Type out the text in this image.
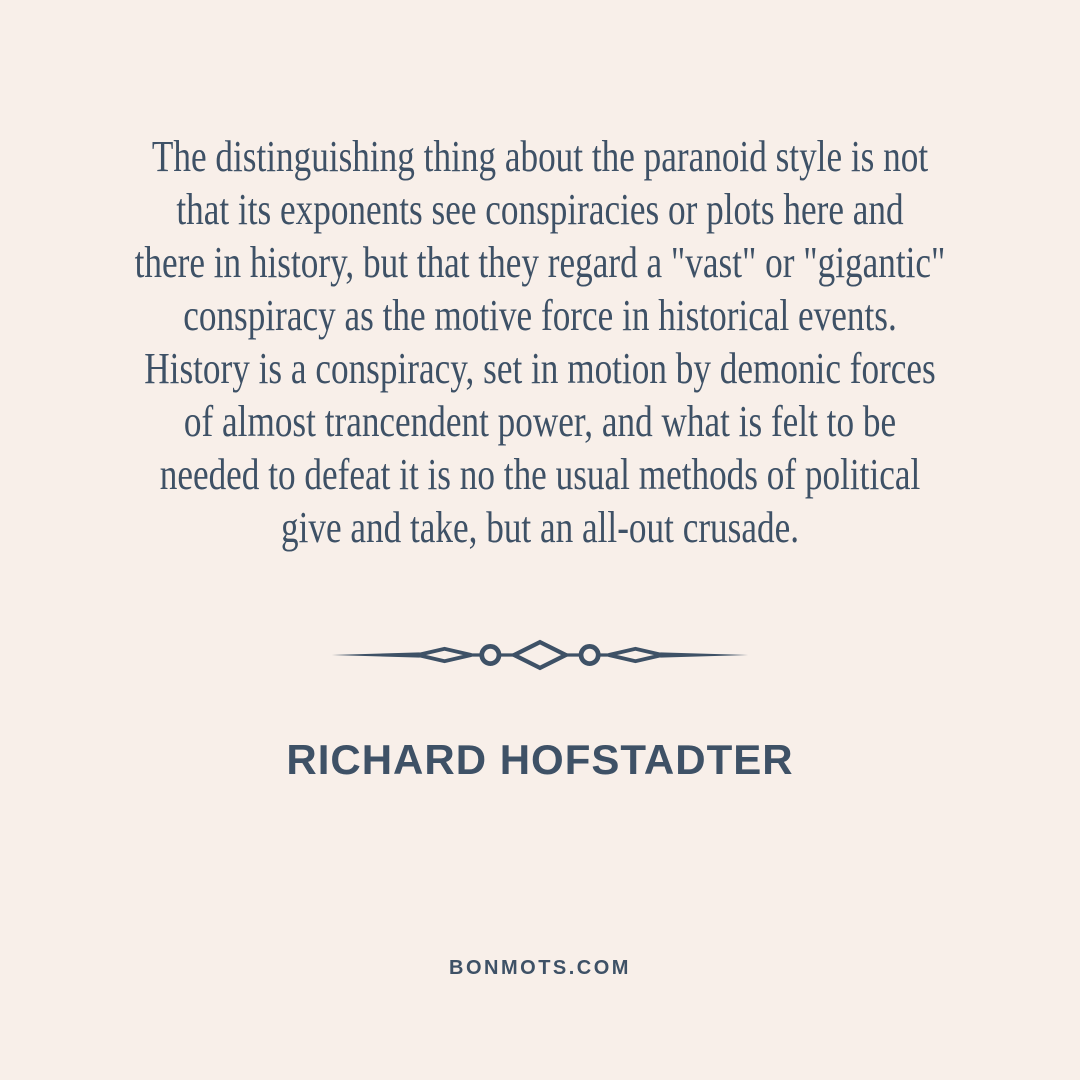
The distinguishing thing about the paranoid style is not
that its exponents see conspiracies or plots here and
there in history, but that they regard a "vast" or "gigantic"
conspiracy as the motive force in historical events.
History is a conspiracy, set in motion by demonic forces
of almost trancendent power, and what is felt to be
needed to defeat it is no the usual methods of political
give and take, but an all-out crusade.
RICHARD HOFSTADTER
BONMOTS.COM
